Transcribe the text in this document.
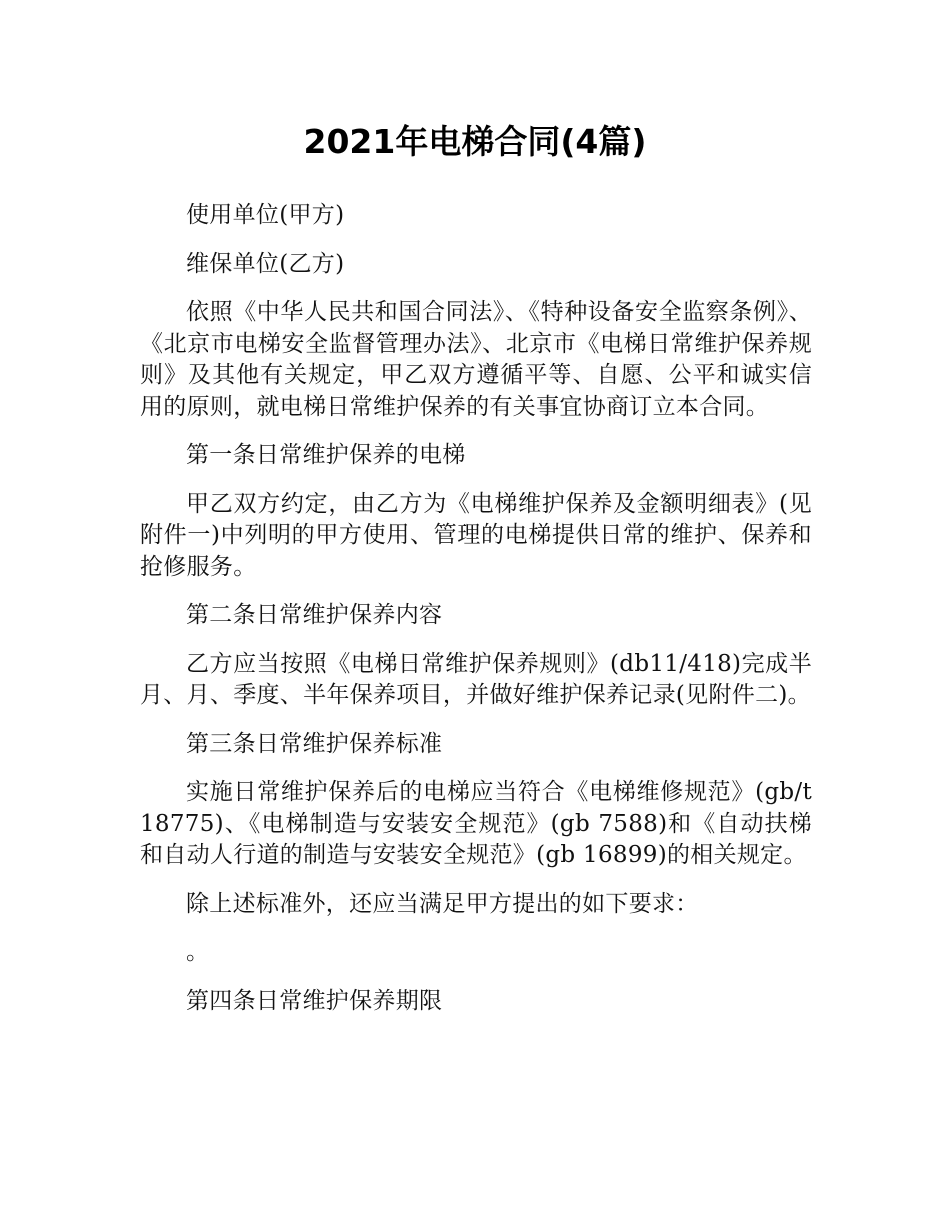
2021年电梯合同(4篇)

使用单位(甲方)

维保单位(乙方)

依照《中华人民共和国合同法》、《特种设备安全监察条例》、《北京市电梯安全监督管理办法》、北京市《电梯日常维护保养规则》及其他有关规定，甲乙双方遵循平等、自愿、公平和诚实信用的原则，就电梯日常维护保养的有关事宜协商订立本合同。

第一条日常维护保养的电梯

甲乙双方约定，由乙方为《电梯维护保养及金额明细表》(见附件一)中列明的甲方使用、管理的电梯提供日常的维护、保养和抢修服务。

第二条日常维护保养内容

乙方应当按照《电梯日常维护保养规则》(db11/418)完成半月、月、季度、半年保养项目，并做好维护保养记录(见附件二)。

第三条日常维护保养标准

实施日常维护保养后的电梯应当符合《电梯维修规范》(gb/t18775)、《电梯制造与安装安全规范》(gb 7588)和《自动扶梯和自动人行道的制造与安装安全规范》(gb 16899)的相关规定。

除上述标准外，还应当满足甲方提出的如下要求：

。

第四条日常维护保养期限
